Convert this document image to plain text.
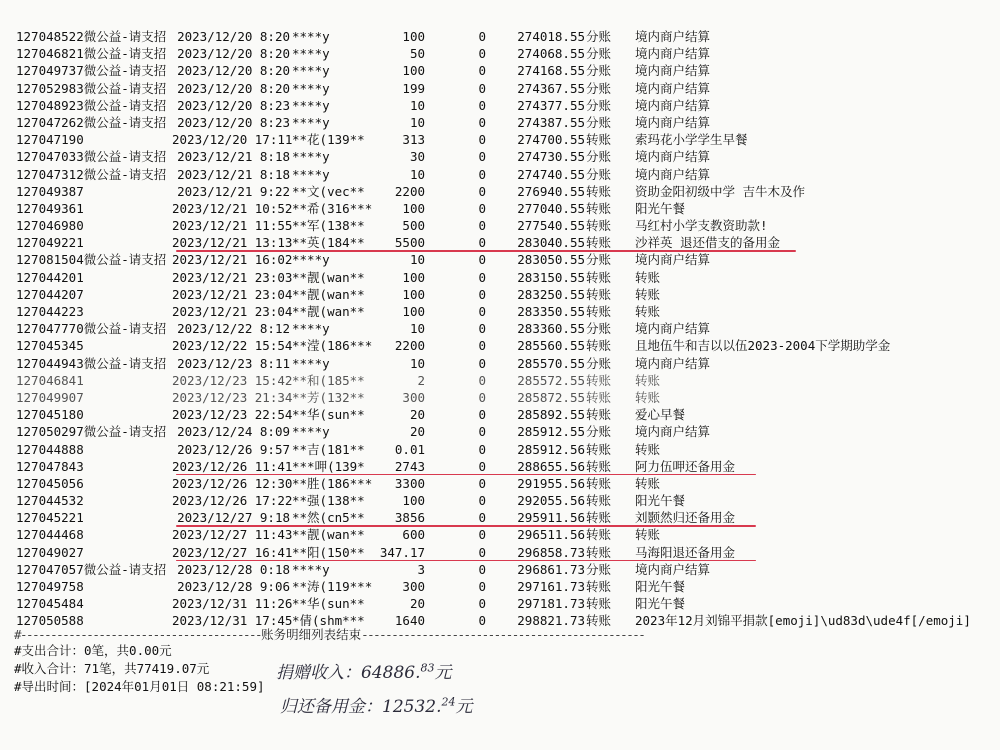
127048522微公益-请支招 2023/12/20 8:20 ****y	100	0	274018.55 分账	境内商户结算
127046821微公益-请支招 2023/12/20 8:20 ****y	50	0	274068.55 分账	境内商户结算
127049737微公益-请支招 2023/12/20 8:20 ****y	100	0	274168.55 分账	境内商户结算
127052983微公益-请支招 2023/12/20 8:20 ****y	199	0	274367.55 分账	境内商户结算
127048923微公益-请支招 2023/12/20 8:23 ****y	10	0	274377.55 分账	境内商户结算
127047262微公益-请支招 2023/12/20 8:23 ****y	10	0	274387.55 分账	境内商户结算
127047190	2023/12/20 17:11 **花(139**	313	0	274700.55 转账	索玛花小学学生早餐
127047033微公益-请支招 2023/12/21 8:18 ****y	30	0	274730.55 分账	境内商户结算
127047312微公益-请支招 2023/12/21 8:18 ****y	10	0	274740.55 分账	境内商户结算
127049387	2023/12/21 9:22 **文(vec**	2200	0	276940.55 转账	资助金阳初级中学 吉牛木及作
127049361	2023/12/21 10:52 **希(316***	100	0	277040.55 转账	阳光午餐
127046980	2023/12/21 11:55 **军(138**	500	0	277540.55 转账	马红村小学支教资助款!
127049221	2023/12/21 13:13 **英(184**	5500	0	283040.55 转账	沙祥英 退还借支的备用金
127081504微公益-请支招 2023/12/21 16:02 ****y	10	0	283050.55 分账	境内商户结算
127044201	2023/12/21 23:03 **靓(wan**	100	0	283150.55 转账	转账
127044207	2023/12/21 23:04 **靓(wan**	100	0	283250.55 转账	转账
127044223	2023/12/21 23:04 **靓(wan**	100	0	283350.55 转账	转账
127047770微公益-请支招 2023/12/22 8:12 ****y	10	0	283360.55 分账	境内商户结算
127045345	2023/12/22 15:54 **滢(186***	2200	0	285560.55 转账	且地伍牛和吉以以伍2023-2004下学期助学金
127044943微公益-请支招 2023/12/23 8:11 ****y	10	0	285570.55 分账	境内商户结算
127046841	2023/12/23 15:42 **和(185**	2	0	285572.55 转账	转账
127049907	2023/12/23 21:34 **芳(132**	300	0	285872.55 转账	转账
127045180	2023/12/23 22:54 **华(sun**	20	0	285892.55 转账	爱心早餐
127050297微公益-请支招 2023/12/24 8:09 ****y	20	0	285912.55 分账	境内商户结算
127044888	2023/12/26 9:57 **吉(181**	0.01	0	285912.56 转账	转账
127047843	2023/12/26 11:41 ***呷(139*	2743	0	288655.56 转账	阿力伍呷还备用金
127045056	2023/12/26 12:30 **胜(186***	3300	0	291955.56 转账	转账
127044532	2023/12/26 17:22 **强(138**	100	0	292055.56 转账	阳光午餐
127045221	2023/12/27 9:18 **然(cn5**	3856	0	295911.56 转账	刘颢然归还备用金
127044468	2023/12/27 11:43 **靓(wan**	600	0	296511.56 转账	转账
127049027	2023/12/27 16:41 **阳(150**	347.17	0	296858.73 转账	马海阳退还备用金
127047057微公益-请支招 2023/12/28 0:18 ****y	3	0	296861.73 分账	境内商户结算
127049758	2023/12/28 9:06 **涛(119***	300	0	297161.73 转账	阳光午餐
127045484	2023/12/31 11:26 **华(sun**	20	0	297181.73 转账	阳光午餐
127050588	2023/12/31 17:45 *倩(shm***	1640	0	298821.73 转账	2023年12月刘锦平捐款[emoji]\ud83d\ude4f[/emoji]
#----------------------------------------账务明细列表结束-----------------------------------------------
#支出合计：0笔，共0.00元
#收入合计：71笔，共77419.07元
#导出时间：[2024年01月01日 08:21:59]
捐赠收入：64886.83元
归还备用金：12532.24元
